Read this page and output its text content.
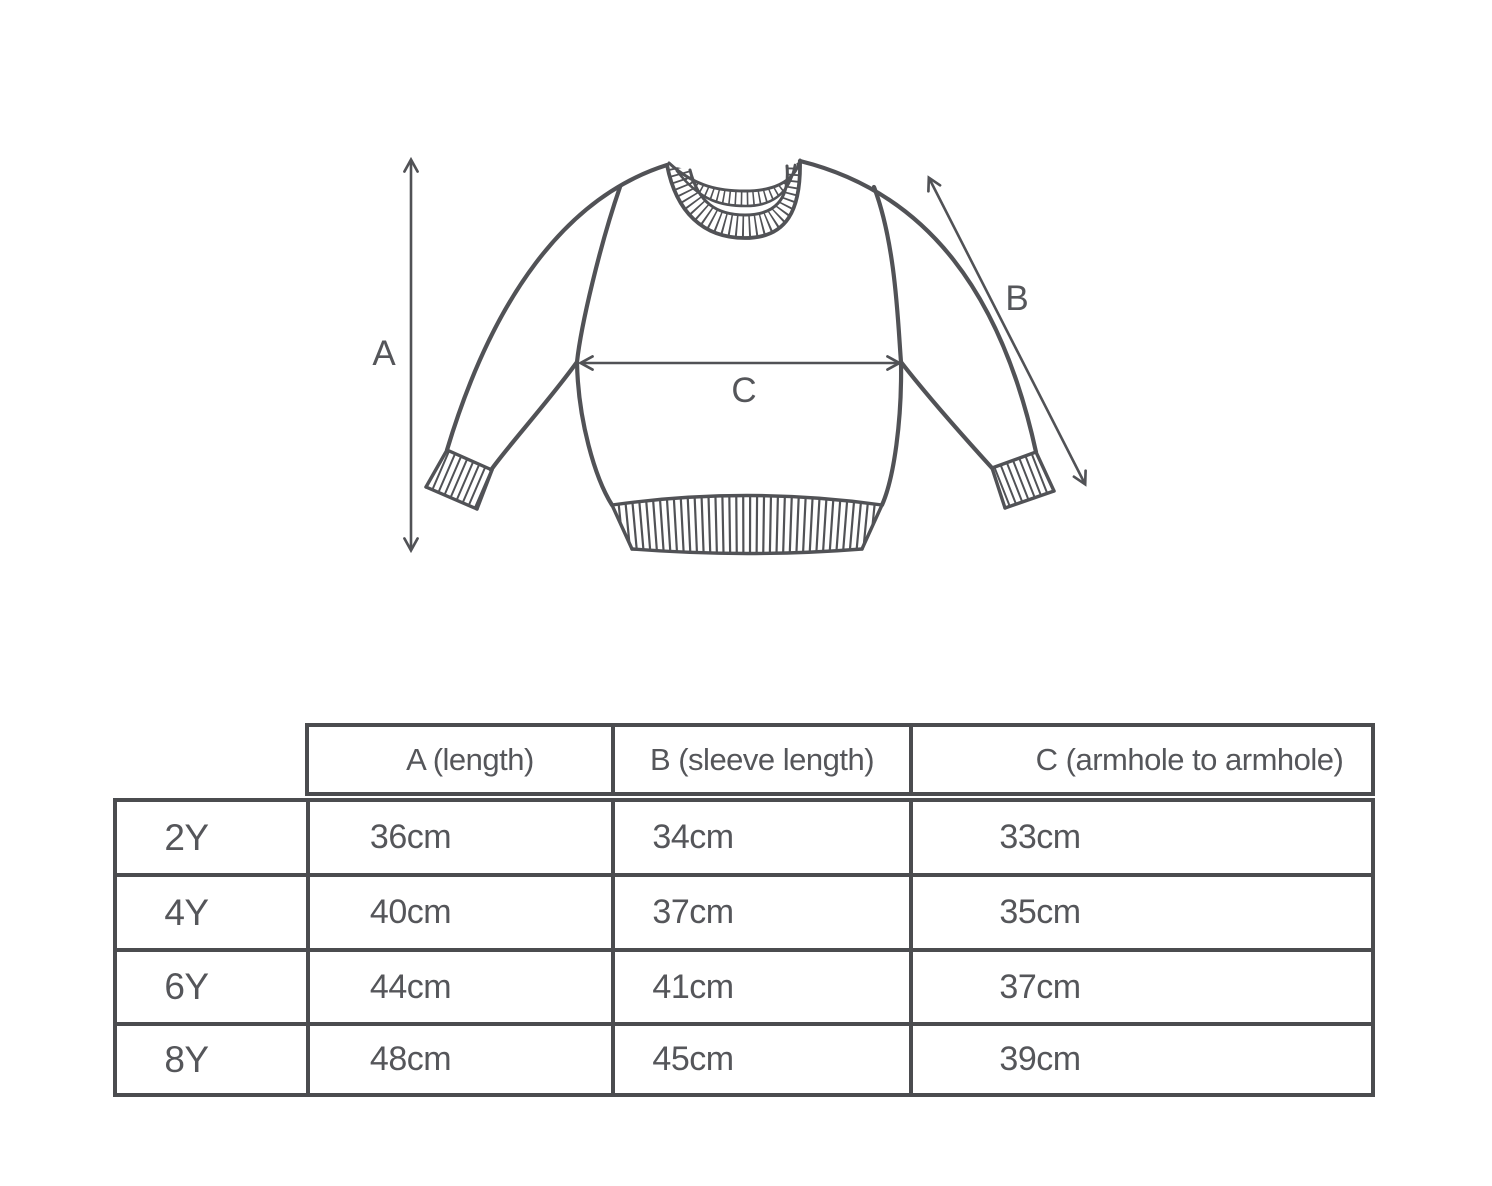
A
B
C
A (length)	B (sleeve length)	C (armhole to armhole)
2Y	36cm	34cm	33cm
4Y	40cm	37cm	35cm
6Y	44cm	41cm	37cm
8Y	48cm	45cm	39cm
